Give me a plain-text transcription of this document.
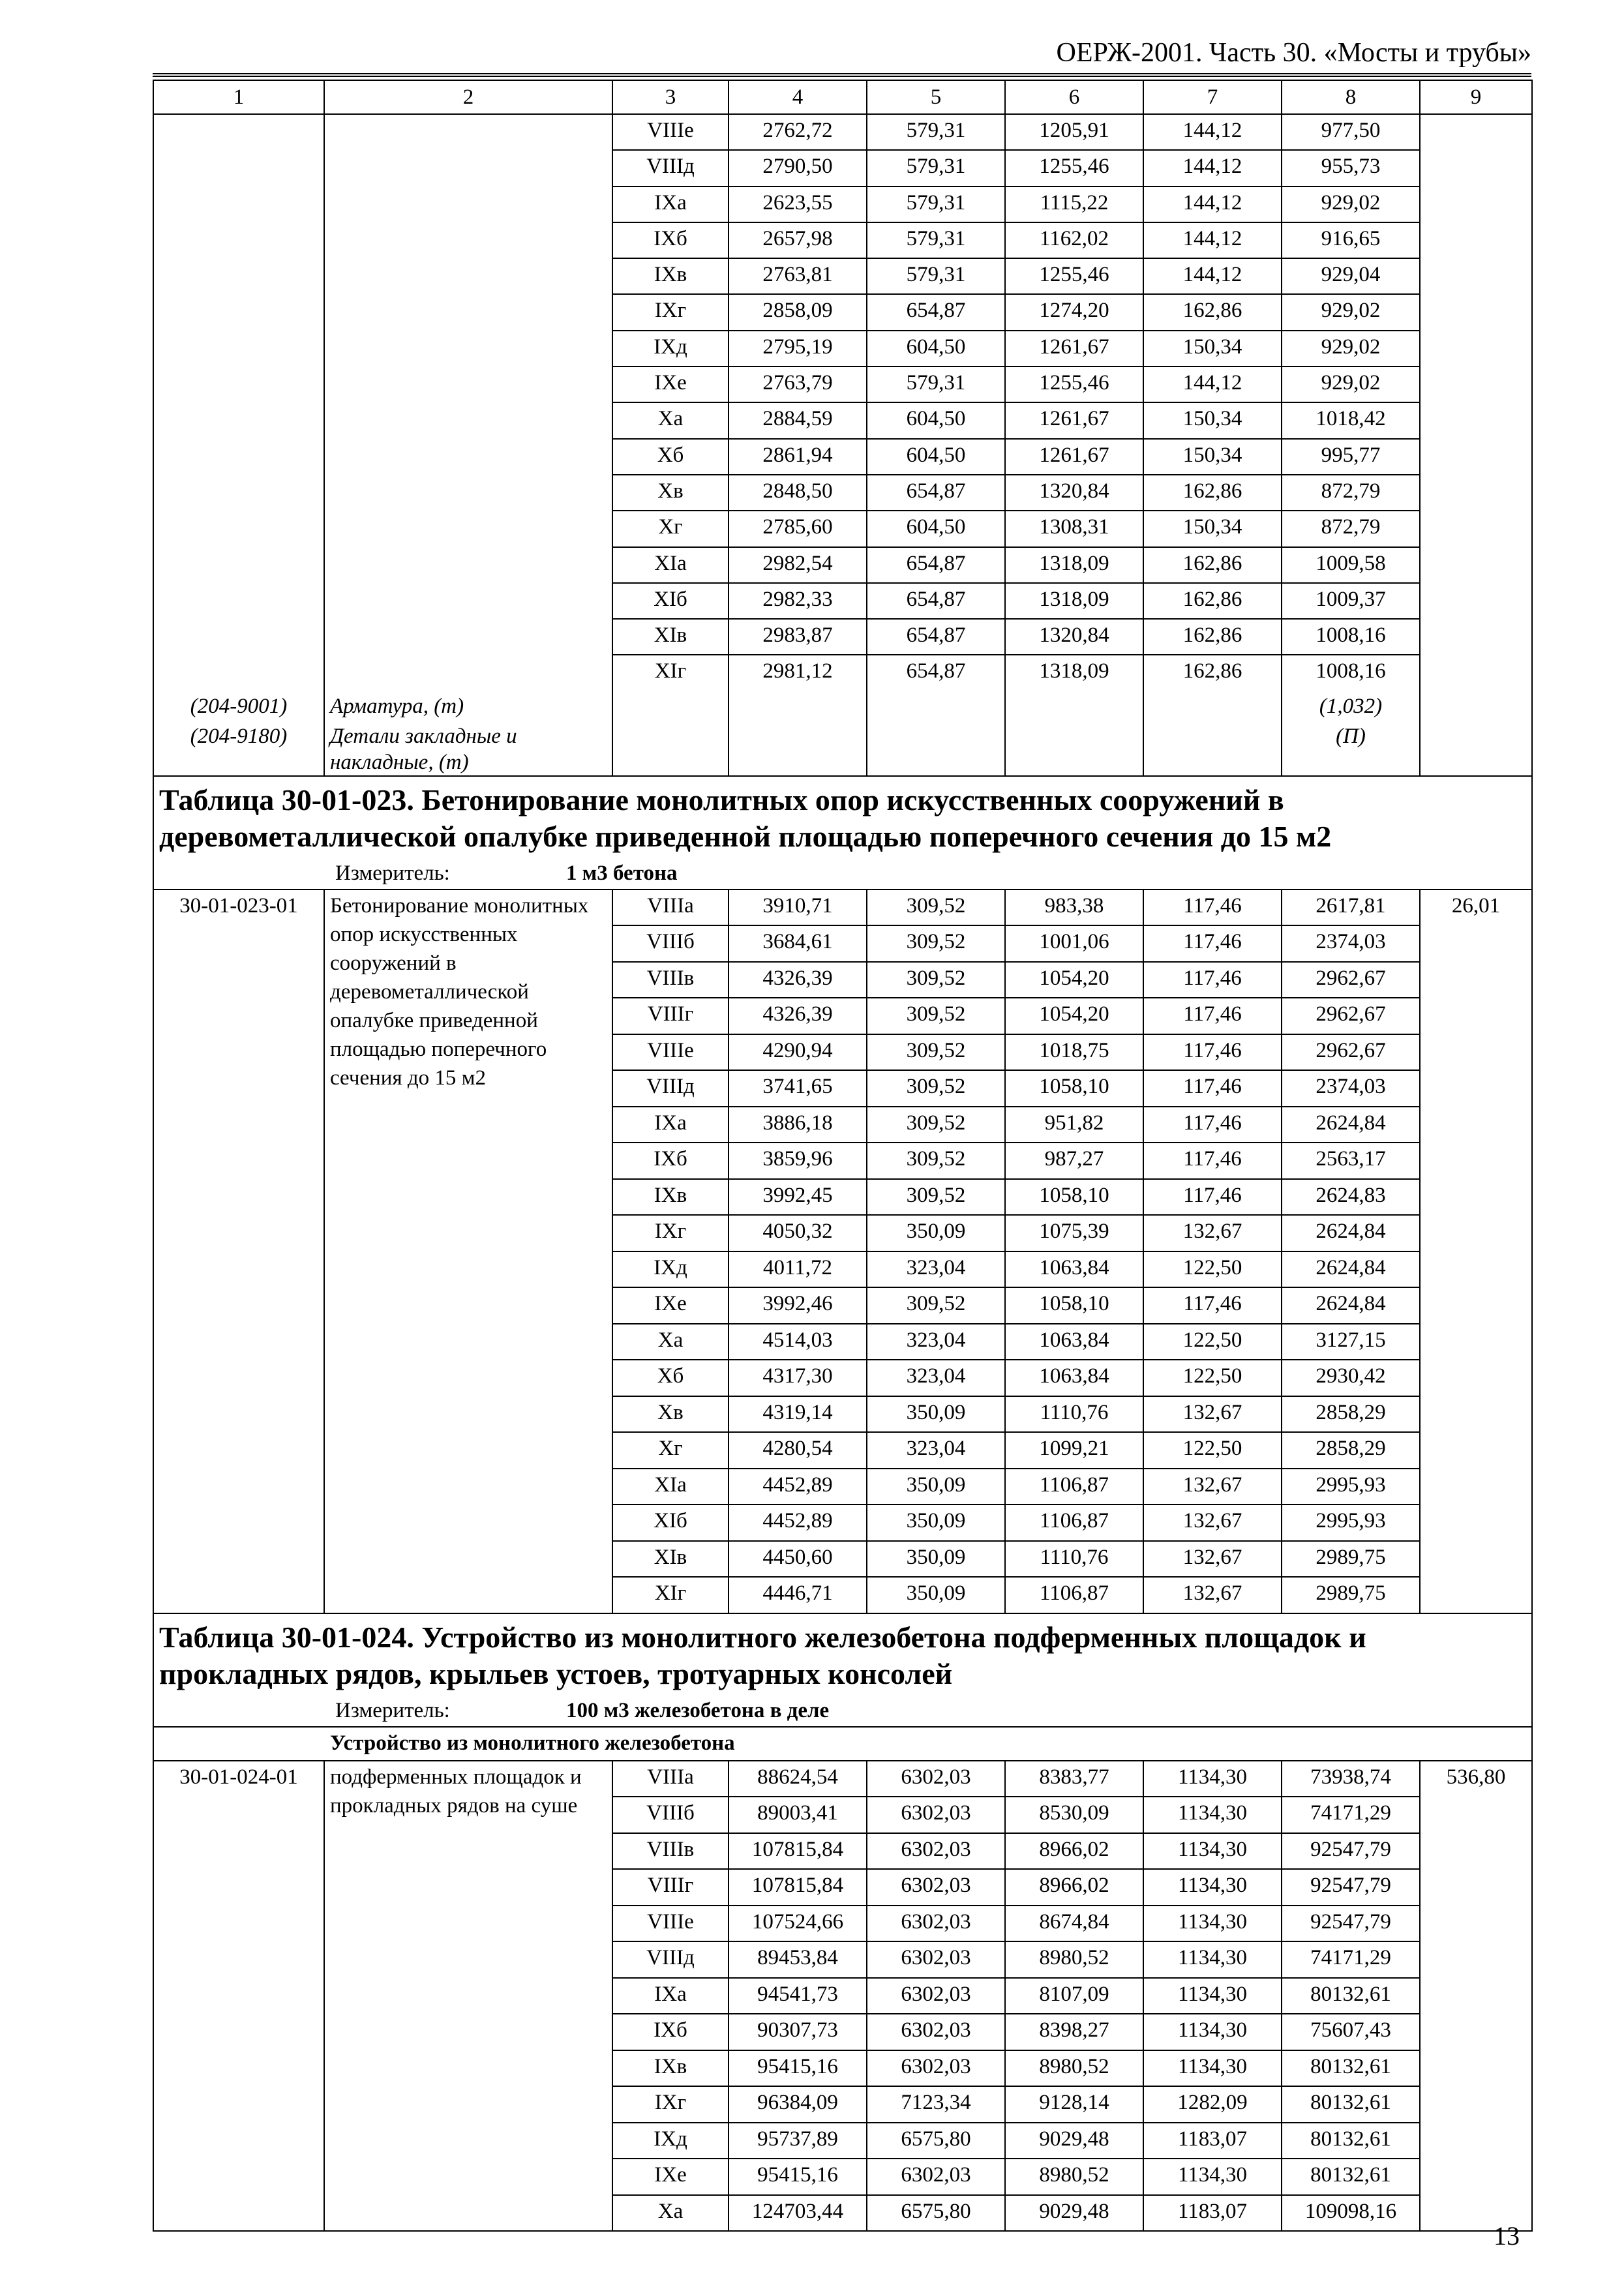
ОЕРЖ-2001. Часть 30. «Мосты и трубы»
1	2	3	4	5	6	7	8	9
		VIIIе	2762,72	579,31	1205,91	144,12	977,50	
		VIIIд	2790,50	579,31	1255,46	144,12	955,73	
		IXа	2623,55	579,31	1115,22	144,12	929,02	
		IXб	2657,98	579,31	1162,02	144,12	916,65	
		IXв	2763,81	579,31	1255,46	144,12	929,04	
		IXг	2858,09	654,87	1274,20	162,86	929,02	
		IXд	2795,19	604,50	1261,67	150,34	929,02	
		IXе	2763,79	579,31	1255,46	144,12	929,02	
		Xа	2884,59	604,50	1261,67	150,34	1018,42	
		Xб	2861,94	604,50	1261,67	150,34	995,77	
		Xв	2848,50	654,87	1320,84	162,86	872,79	
		Xг	2785,60	604,50	1308,31	150,34	872,79	
		XIа	2982,54	654,87	1318,09	162,86	1009,58	
		XIб	2982,33	654,87	1318,09	162,86	1009,37	
		XIв	2983,87	654,87	1320,84	162,86	1008,16	
		XIг	2981,12	654,87	1318,09	162,86	1008,16	
(204-9001)	Арматура, (т)						(1,032)	
(204-9180)	Детали закладные и накладные, (т)						(П)	

Таблица 30-01-023. Бетонирование монолитных опор искусственных сооружений в деревометаллической опалубке приведенной площадью поперечного сечения до 15 м2
Измеритель: 1 м3 бетона								

30-01-023-01	Бетонирование монолитных опор искусственных сооружений в деревометаллической опалубке приведенной площадью поперечного сечения до 15 м2	VIIIа	3910,71	309,52	983,38	117,46	2617,81	26,01
		VIIIб	3684,61	309,52	1001,06	117,46	2374,03	
		VIIIв	4326,39	309,52	1054,20	117,46	2962,67	
		VIIIг	4326,39	309,52	1054,20	117,46	2962,67	
		VIIIе	4290,94	309,52	1018,75	117,46	2962,67	
		VIIIд	3741,65	309,52	1058,10	117,46	2374,03	
		IXа	3886,18	309,52	951,82	117,46	2624,84	
		IXб	3859,96	309,52	987,27	117,46	2563,17	
		IXв	3992,45	309,52	1058,10	117,46	2624,83	
		IXг	4050,32	350,09	1075,39	132,67	2624,84	
		IXд	4011,72	323,04	1063,84	122,50	2624,84	
		IXе	3992,46	309,52	1058,10	117,46	2624,84	
		Xа	4514,03	323,04	1063,84	122,50	3127,15	
		Xб	4317,30	323,04	1063,84	122,50	2930,42	
		Xв	4319,14	350,09	1110,76	132,67	2858,29	
		Xг	4280,54	323,04	1099,21	122,50	2858,29	
		XIа	4452,89	350,09	1106,87	132,67	2995,93	
		XIб	4452,89	350,09	1106,87	132,67	2995,93	
		XIв	4450,60	350,09	1110,76	132,67	2989,75	
		XIг	4446,71	350,09	1106,87	132,67	2989,75	

Таблица 30-01-024. Устройство из монолитного железобетона подферменных площадок и прокладных рядов, крыльев устоев, тротуарных консолей
Измеритель: 100 м3 железобетона в деле								

Устройство из монолитного железобетона								
30-01-024-01	подферменных площадок и прокладных рядов на суше	VIIIа	88624,54	6302,03	8383,77	1134,30	73938,74	536,80
		VIIIб	89003,41	6302,03	8530,09	1134,30	74171,29	
		VIIIв	107815,84	6302,03	8966,02	1134,30	92547,79	
		VIIIг	107815,84	6302,03	8966,02	1134,30	92547,79	
		VIIIе	107524,66	6302,03	8674,84	1134,30	92547,79	
		VIIIд	89453,84	6302,03	8980,52	1134,30	74171,29	
		IXа	94541,73	6302,03	8107,09	1134,30	80132,61	
		IXб	90307,73	6302,03	8398,27	1134,30	75607,43	
		IXв	95415,16	6302,03	8980,52	1134,30	80132,61	
		IXг	96384,09	7123,34	9128,14	1282,09	80132,61	
		IXд	95737,89	6575,80	9029,48	1183,07	80132,61	
		IXе	95415,16	6302,03	8980,52	1134,30	80132,61	
		Xа	124703,44	6575,80	9029,48	1183,07	109098,16	
13
